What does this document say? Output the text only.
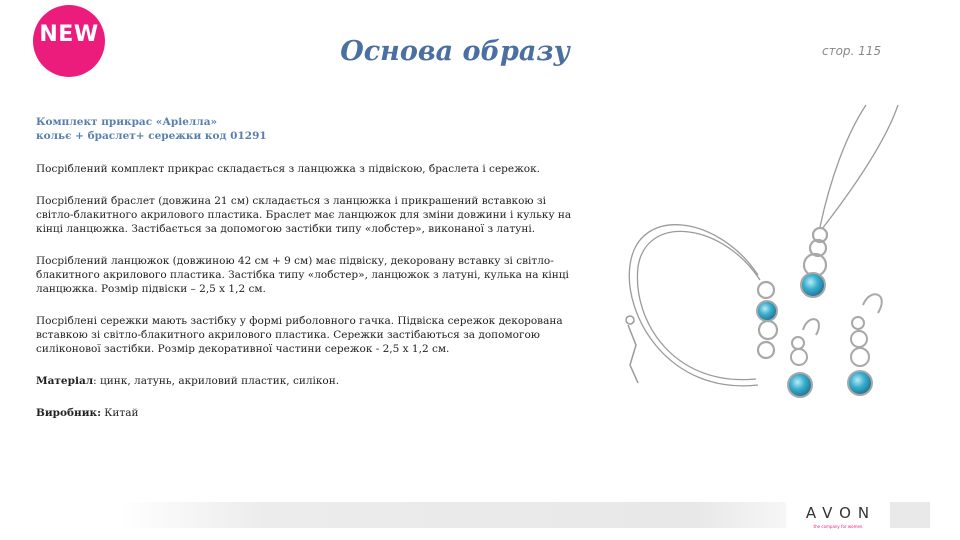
NEW
Основа образу	стор. 115
Комплект прикрас «Аріелла»
кольє + браслет+ сережки код 01291

Посріблений комплект прикрас складається з ланцюжка з підвіскою, браслета і сережок.

Посріблений браслет (довжина 21 см) складається з ланцюжка і прикрашений вставкою зі світло-блакитного акрилового пластика. Браслет має ланцюжок для зміни довжини і кульку на кінці ланцюжка. Застібається за допомогою застібки типу «лобстер», виконаної з латуні.

Посріблений ланцюжок (довжиною 42 см + 9 см) має підвіску, декоровану вставку зі світло-блакитного акрилового пластика. Застібка типу «лобстер», ланцюжок з латуні, кулька на кінці ланцюжка. Розмір підвіски – 2,5 х 1,2 см.

Посріблені сережки мають застібку у формі риболовного гачка. Підвіска сережок декорована вставкою зі світло-блакитного акрилового пластика. Сережки застібаються за допомогою силіконової застібки. Розмір декоративної частини сережок - 2,5 х 1,2 см.

Матеріал: цинк, латунь, акриловий пластик, силікон.

Виробник: Китай

AVON
the company for women
